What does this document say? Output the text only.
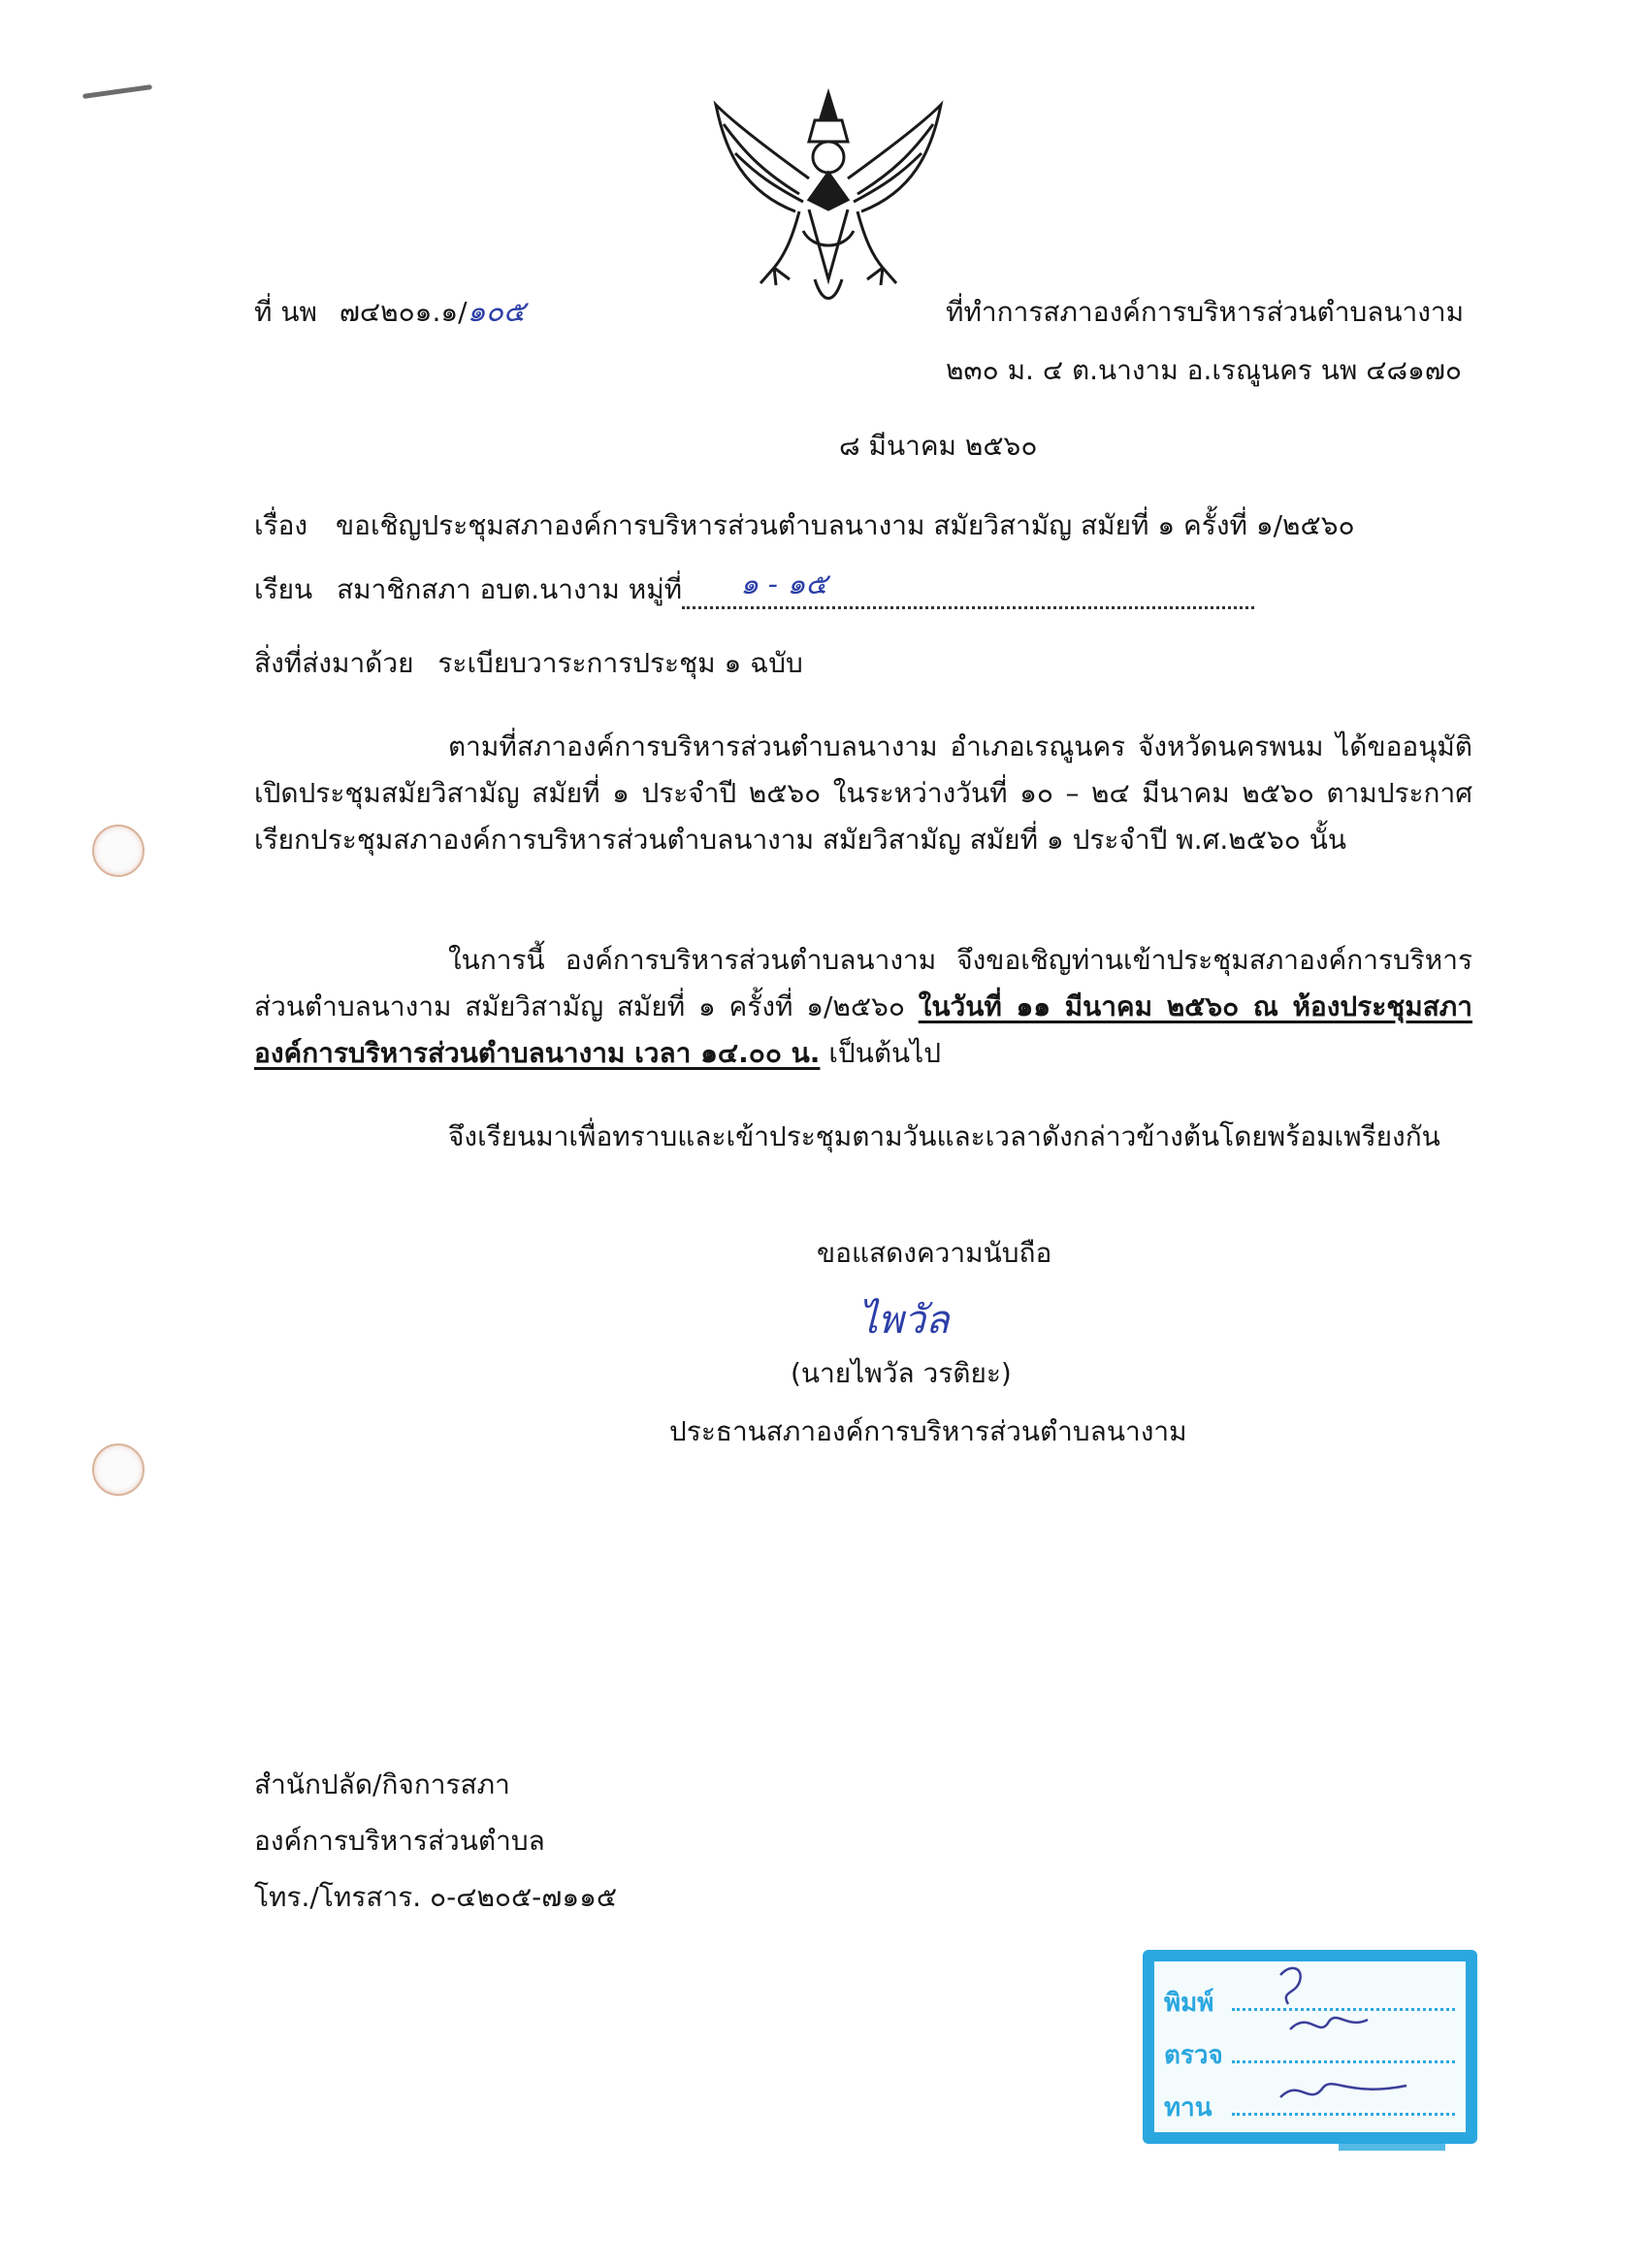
ที่ นพ ๗๔๒๐๑.๑/๑๐๕	ที่ทำการสภาองค์การบริหารส่วนตำบลนางาม
๒๓๐ ม. ๔ ต.นางาม อ.เรณูนคร นพ ๔๘๑๗๐
๘ มีนาคม ๒๕๖๐
เรื่อง ขอเชิญประชุมสภาองค์การบริหารส่วนตำบลนางาม สมัยวิสามัญ สมัยที่ ๑ ครั้งที่ ๑/๒๕๖๐
เรียน สมาชิกสภา อบต.นางาม หมู่ที่ ๑ - ๑๕
สิ่งที่ส่งมาด้วย ระเบียบวาระการประชุม ๑ ฉบับ
ตามที่สภาองค์การบริหารส่วนตำบลนางาม อำเภอเรณูนคร จังหวัดนครพนม ได้ขออนุมัติเปิดประชุมสมัยวิสามัญ สมัยที่ ๑ ประจำปี ๒๕๖๐ ในระหว่างวันที่ ๑๐ – ๒๔ มีนาคม ๒๕๖๐ ตามประกาศเรียกประชุมสภาองค์การบริหารส่วนตำบลนางาม สมัยวิสามัญ สมัยที่ ๑ ประจำปี พ.ศ.๒๕๖๐ นั้น
ในการนี้ องค์การบริหารส่วนตำบลนางาม จึงขอเชิญท่านเข้าประชุมสภาองค์การบริหารส่วนตำบลนางาม สมัยวิสามัญ สมัยที่ ๑ ครั้งที่ ๑/๒๕๖๐ ในวันที่ ๑๑ มีนาคม ๒๕๖๐ ณ ห้องประชุมสภาองค์การบริหารส่วนตำบลนางาม เวลา ๑๔.๐๐ น. เป็นต้นไป
จึงเรียนมาเพื่อทราบและเข้าประชุมตามวันและเวลาดังกล่าวข้างต้นโดยพร้อมเพรียงกัน
ขอแสดงความนับถือ
ไพวัล
(นายไพวัล วรติยะ)
ประธานสภาองค์การบริหารส่วนตำบลนางาม
สำนักปลัด/กิจการสภา
องค์การบริหารส่วนตำบล
โทร./โทรสาร. ๐-๔๒๐๕-๗๑๑๕
พิมพ์
ตรวจ
ทาน
